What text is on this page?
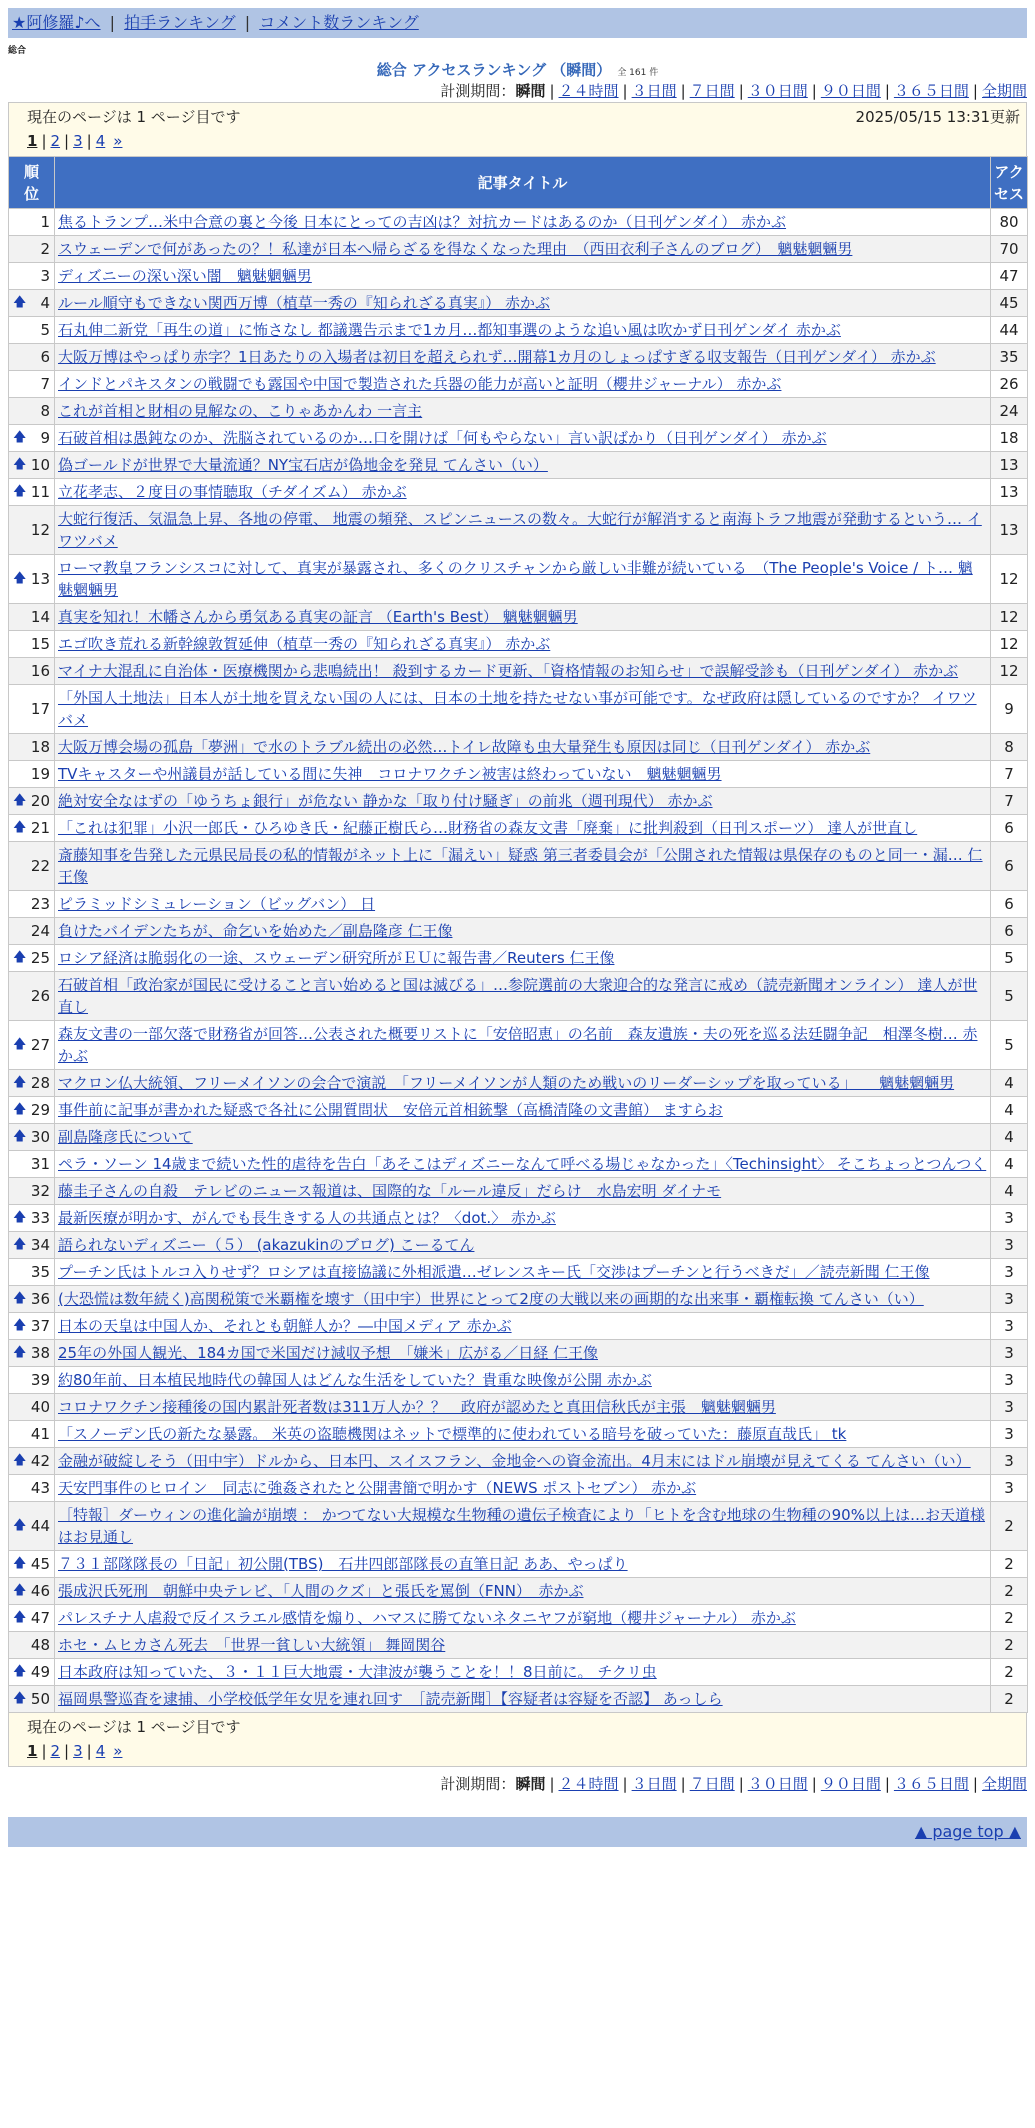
★阿修羅♪へ | 拍手ランキング | コメント数ランキング
総合
総合 アクセスランキング （瞬間） 全 161 件
計測期間：瞬間 | ２４時間 | ３日間 | ７日間 | ３０日間 | ９０日間 | ３６５日間 | 全期間
現在のページは 1 ページ目です	2025/05/15 13:31更新
1 | 2 | 3 | 4 »
順位	記事タイトル	アクセス
1	焦るトランプ…米中合意の裏と今後 日本にとっての吉凶は？対抗カードはあるのか（日刊ゲンダイ） 赤かぶ	80
2	スウェーデンで何があったの？！私達が日本へ帰らざるを得なくなった理由　（西田衣利子さんのブログ）　魑魅魍魎男	70
3	ディズニーの深い深い闇　魑魅魍魎男	47

🡅 4	ルール順守もできない関西万博（植草一秀の『知られざる真実』） 赤かぶ	45
5	石丸伸二新党「再生の道」に怖さなし 都議選告示まで1カ月…都知事選のような追い風は吹かず日刊ゲンダイ 赤かぶ	44
6	大阪万博はやっぱり赤字？1日あたりの入場者は初日を超えられず…開幕1カ月のしょっぱすぎる収支報告（日刊ゲンダイ） 赤かぶ	35
7	インドとパキスタンの戦闘でも露国や中国で製造された兵器の能力が高いと証明（櫻井ジャーナル） 赤かぶ	26
8	これが首相と財相の見解なの、こりゃあかんわ 一言主	24

🡅 9	石破首相は愚鈍なのか、洗脳されているのか…口を開けば「何もやらない」言い訳ばかり（日刊ゲンダイ） 赤かぶ	18

🡅 10	偽ゴールドが世界で大量流通？NY宝石店が偽地金を発見 てんさい（い）	13

🡅 11	立花孝志、２度目の事情聴取（チダイズム） 赤かぶ	13
12	大蛇行復活、気温急上昇、各地の停電、 地震の頻発、スピンニュースの数々。大蛇行が解消すると南海トラフ地震が発動するという… イワツバメ	13

🡅 13	ローマ教皇フランシスコに対して、真実が暴露され、多くのクリスチャンから厳しい非難が続いている　（The People's Voice / ト… 魑魅魍魎男	12
14	真実を知れ！木幡さんから勇気ある真実の証言 （Earth's Best） 魑魅魍魎男	12
15	エゴ吹き荒れる新幹線敦賀延伸（植草一秀の『知られざる真実』） 赤かぶ	12
16	マイナ大混乱に自治体・医療機関から悲鳴続出！ 殺到するカード更新、「資格情報のお知らせ」で誤解受診も（日刊ゲンダイ） 赤かぶ	12
17	「外国人土地法」日本人が土地を買えない国の人には、日本の土地を持たせない事が可能です。なぜ政府は隠しているのですか？ イワツバメ	9
18	大阪万博会場の孤島「夢洲」で水のトラブル続出の必然…トイレ故障も虫大量発生も原因は同じ（日刊ゲンダイ） 赤かぶ	8
19	TVキャスターや州議員が話している間に失神　コロナワクチン被害は終わっていない　魑魅魍魎男	7

🡅 20	絶対安全なはずの「ゆうちょ銀行」が危ない 静かな「取り付け騒ぎ」の前兆（週刊現代） 赤かぶ	7

🡅 21	「これは犯罪」小沢一郎氏・ひろゆき氏・紀藤正樹氏ら…財務省の森友文書「廃棄」に批判殺到（日刊スポーツ） 達人が世直し	6
22	斎藤知事を告発した元県民局長の私的情報がネット上に「漏えい」疑惑 第三者委員会が「公開された情報は県保存のものと同一・漏… 仁王像	6
23	ピラミッドシミュレーション（ビッグバン） 日	6
24	負けたバイデンたちが、命乞いを始めた／副島隆彦 仁王像	6

🡅 25	ロシア経済は脆弱化の一途、スウェーデン研究所がＥＵに報告書／Reuters 仁王像	5
26	石破首相「政治家が国民に受けること言い始めると国は滅びる」…参院選前の大衆迎合的な発言に戒め（読売新聞オンライン） 達人が世直し	5

🡅 27	森友文書の一部欠落で財務省が回答…公表された概要リストに「安倍昭恵」の名前　森友遺族・夫の死を巡る法廷闘争記　相澤冬樹… 赤かぶ	5

🡅 28	マクロン仏大統領、フリーメイソンの会合で演説　「フリーメイソンが人類のため戦いのリーダーシップを取っている」　　魑魅魍魎男	4

🡅 29	事件前に記事が書かれた疑惑で各社に公開質問状　安倍元首相銃撃（高橋清隆の文書館） ますらお	4

🡅 30	副島隆彦氏について	4
31	ペラ・ソーン 14歳まで続いた性的虐待を告白「あそこはディズニーなんて呼べる場じゃなかった」〈Techinsight〉 そこちょっとつんつく	4
32	藤圭子さんの自殺　テレビのニュース報道は、国際的な「ルール違反」だらけ　水島宏明 ダイナモ	4

🡅 33	最新医療が明かす、がんでも長生きする人の共通点とは？〈dot.〉 赤かぶ	3

🡅 34	語られないディズニー（５） (akazukinのブログ) こーるてん	3
35	プーチン氏はトルコ入りせず？ロシアは直接協議に外相派遣…ゼレンスキー氏「交渉はプーチンと行うべきだ」／読売新聞 仁王像	3

🡅 36	(大恐慌は数年続く)高関税策で米覇権を壊す（田中宇）世界にとって2度の大戦以来の画期的な出来事・覇権転換 てんさい（い）	3

🡅 37	日本の天皇は中国人か、それとも朝鮮人か？―中国メディア 赤かぶ	3

🡅 38	25年の外国人観光、184カ国で米国だけ減収予想　「嫌米」広がる／日経 仁王像	3
39	約80年前、日本植民地時代の韓国人はどんな生活をしていた？貴重な映像が公開 赤かぶ	3
40	コロナワクチン接種後の国内累計死者数は311万人か？？　政府が認めたと真田信秋氏が主張　魑魅魍魎男	3
41	「スノーデン氏の新たな暴露。 米英の盗聴機関はネットで標準的に使われている暗号を破っていた：藤原直哉氏」 tk	3

🡅 42	金融が破綻しそう（田中宇）ドルから、日本円、スイスフラン、金地金への資金流出。4月末にはドル崩壊が見えてくる てんさい（い）	3
43	天安門事件のヒロイン　同志に強姦されたと公開書簡で明かす（NEWS ポストセブン） 赤かぶ	3

🡅 44	［特報］ダーウィンの進化論が崩壊 ： かつてない大規模な生物種の遺伝子検査により「ヒトを含む地球の生物種の90%以上は…お天道様はお見通し	2

🡅 45	７３１部隊隊長の「日記」初公開(TBS)　石井四郎部隊長の直筆日記 ああ、やっぱり	2

🡅 46	張成沢氏死刑　朝鮮中央テレビ、「人間のクズ」と張氏を罵倒（FNN）　赤かぶ	2

🡅 47	パレスチナ人虐殺で反イスラエル感情を煽り、ハマスに勝てないネタニヤフが窮地（櫻井ジャーナル） 赤かぶ	2
48	ホセ・ムヒカさん死去　「世界一貧しい大統領」 舞岡関谷	2

🡅 49	日本政府は知っていた、３・１１巨大地震・大津波が襲うことを！！8日前に。 チクリ虫	2

🡅 50	福岡県警巡査を逮捕、小学校低学年女児を連れ回す　［読売新聞］【容疑者は容疑を否認】 あっしら	2
現在のページは 1 ページ目です
1 | 2 | 3 | 4 »
計測期間：瞬間 | ２４時間 | ３日間 | ７日間 | ３０日間 | ９０日間 | ３６５日間 | 全期間
▲ page top ▲
